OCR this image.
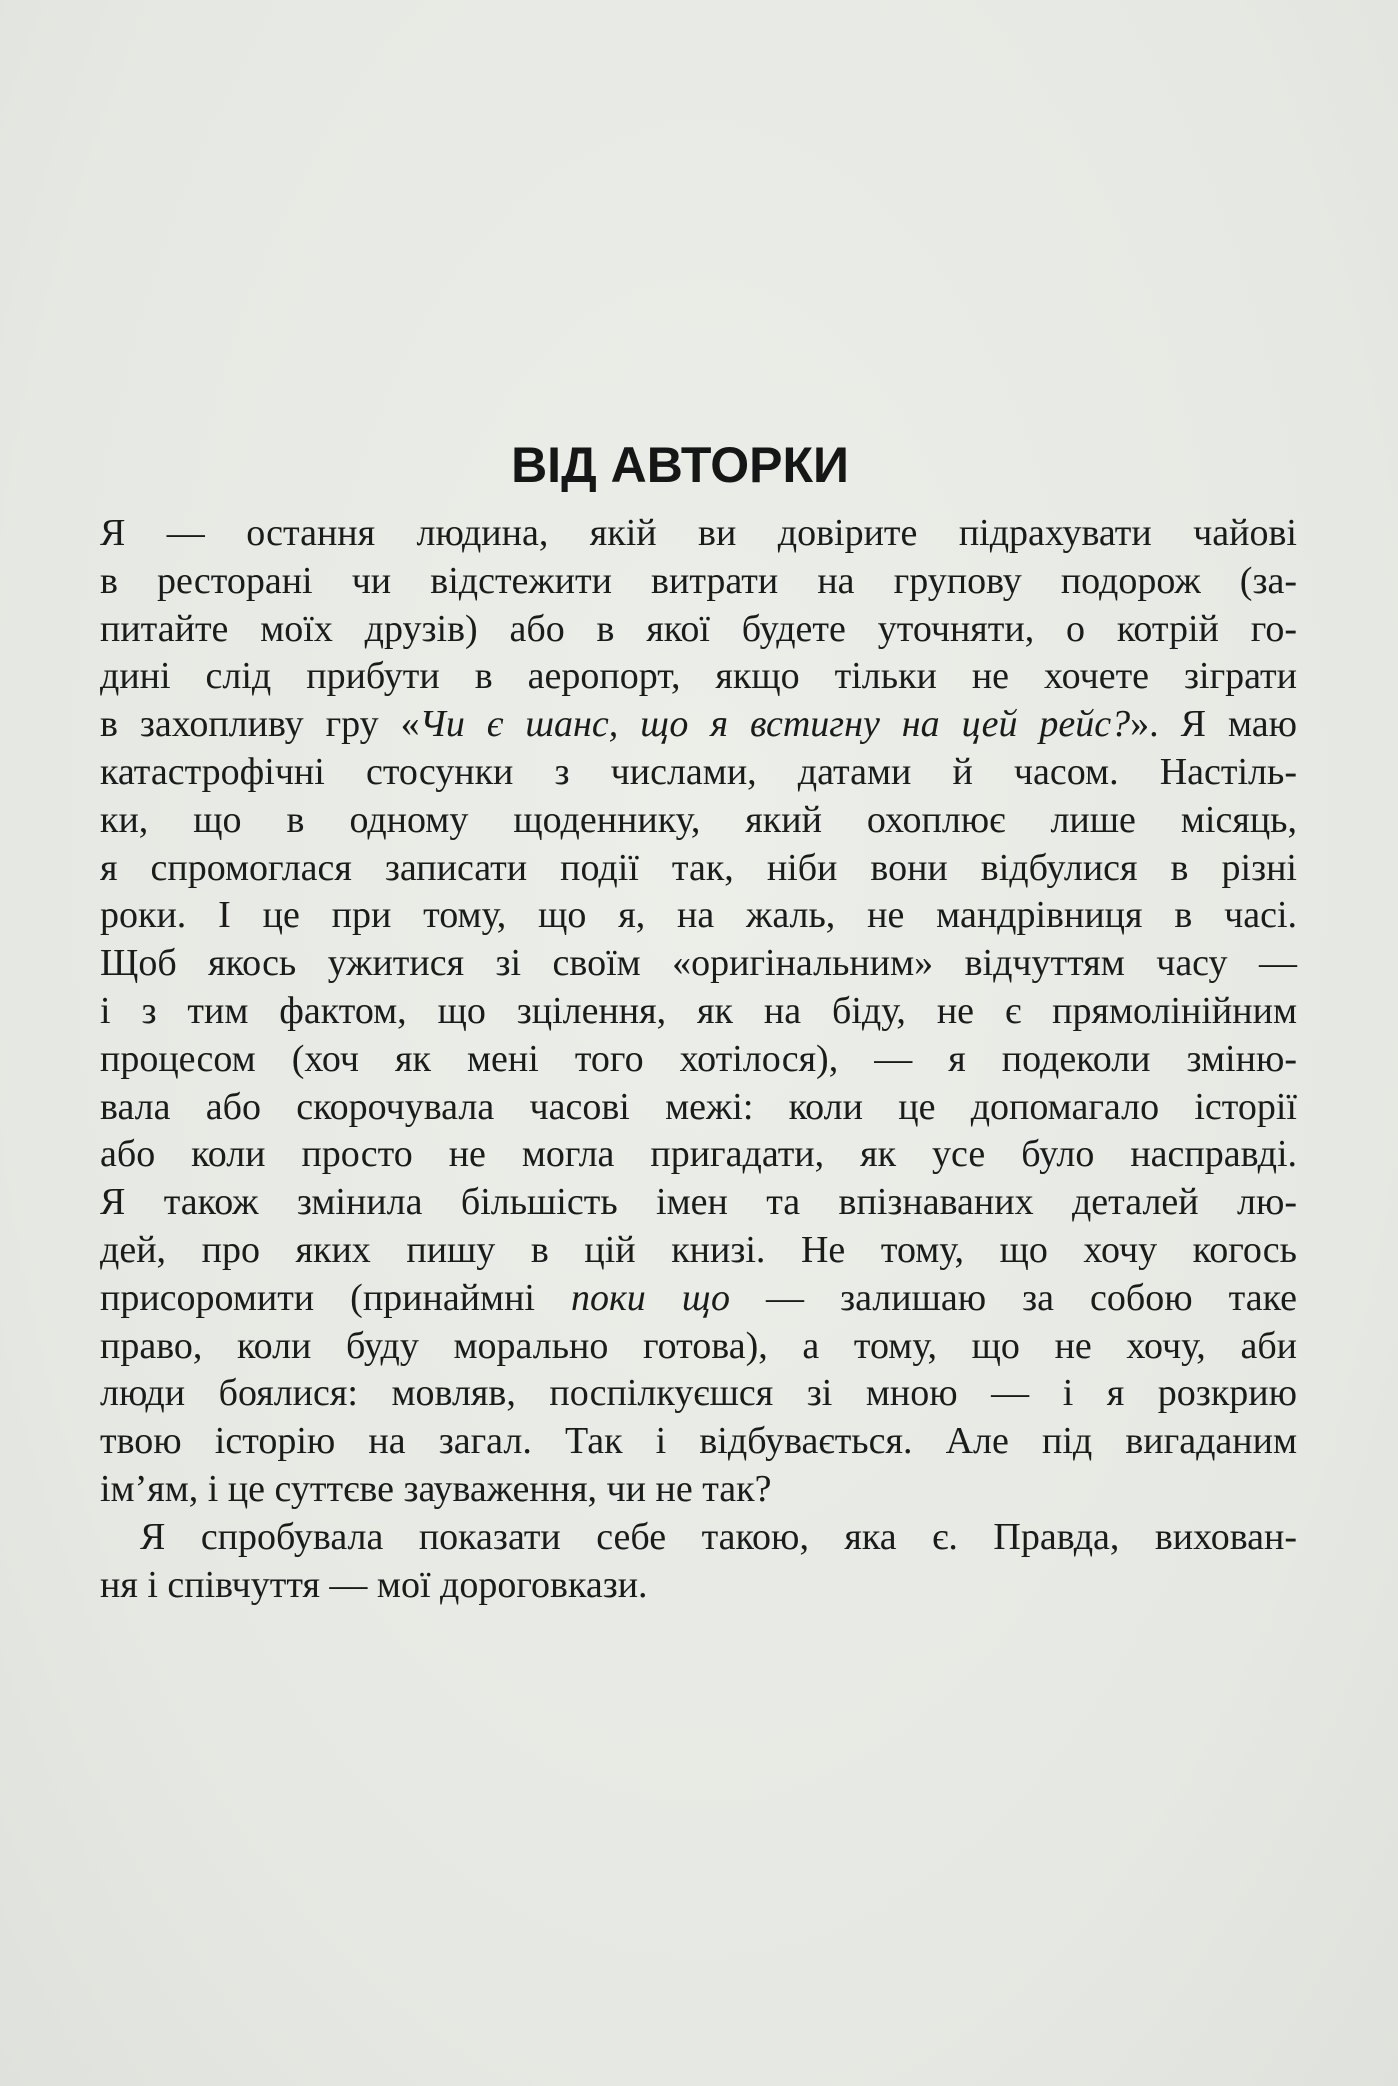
ВІД АВТОРКИ
Я — остання людина, якій ви довірите підрахувати чайові
в ресторані чи відстежити витрати на групову подорож (за-
питайте моїх друзів) або в якої будете уточняти, о котрій го-
дині слід прибути в аеропорт, якщо тільки не хочете зіграти
в захопливу гру «Чи є шанс, що я встигну на цей рейс?». Я маю
катастрофічні стосунки з числами, датами й часом. Настіль-
ки, що в одному щоденнику, який охоплює лише місяць,
я спромоглася записати події так, ніби вони відбулися в різні
роки. І це при тому, що я, на жаль, не мандрівниця в часі.
Щоб якось ужитися зі своїм «оригінальним» відчуттям часу —
і з тим фактом, що зцілення, як на біду, не є прямолінійним
процесом (хоч як мені того хотілося), — я подеколи зміню-
вала або скорочувала часові межі: коли це допомагало історії
або коли просто не могла пригадати, як усе було насправді.
Я також змінила більшість імен та впізнаваних деталей лю-
дей, про яких пишу в цій книзі. Не тому, що хочу когось
присоромити (принаймні поки що — залишаю за собою таке
право, коли буду морально готова), а тому, що не хочу, аби
люди боялися: мовляв, поспілкуєшся зі мною — і я розкрию
твою історію на загал. Так і відбувається. Але під вигаданим
ім’ям, і це суттєве зауваження, чи не так?
Я спробувала показати себе такою, яка є. Правда, вихован-
ня і співчуття — мої дороговкази.
